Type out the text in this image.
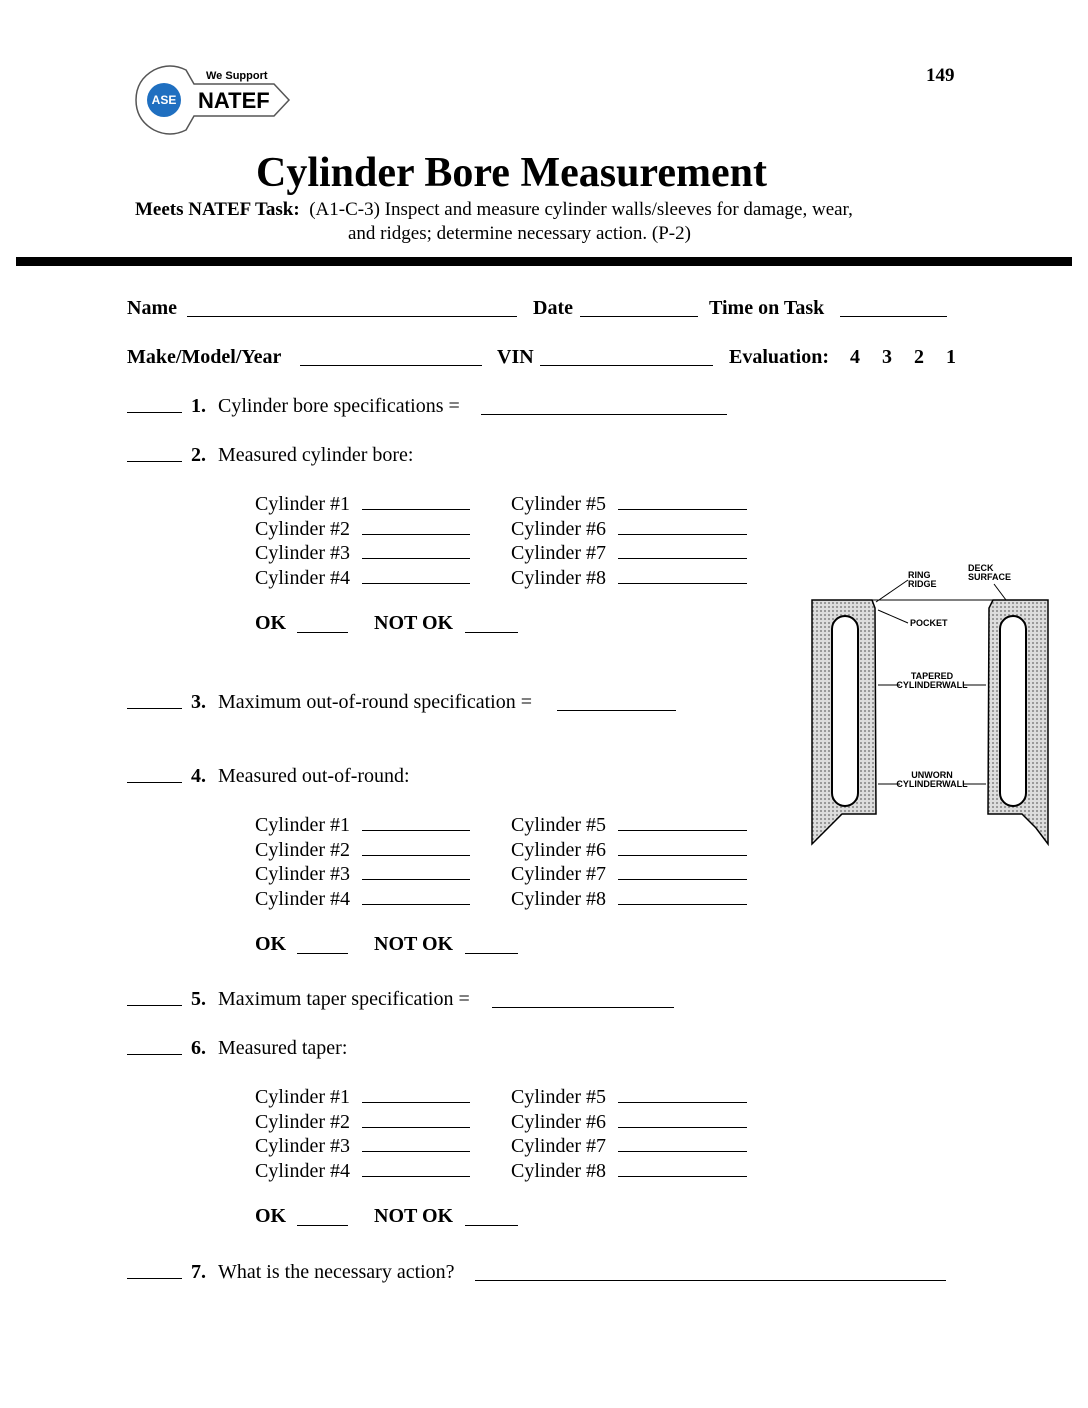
149
ASE
We Support
NATEF
Cylinder Bore Measurement
Meets NATEF Task: (A1-C-3) Inspect and measure cylinder walls/sleeves for damage, wear,
and ridges; determine necessary action. (P-2)
Name	Date	Time on Task
Make/Model/Year	VIN	Evaluation: 4 3 2 1
1. Cylinder bore specifications =
2. Measured cylinder bore:
3. Maximum out-of-round specification =
4. Measured out-of-round:
5. Maximum taper specification =
6. Measured taper:
7. What is the necessary action?
Cylinder #1	Cylinder #5
Cylinder #2	Cylinder #6
Cylinder #3	Cylinder #7
Cylinder #4	Cylinder #8
OK	NOT OK
Cylinder #1	Cylinder #5
Cylinder #2	Cylinder #6
Cylinder #3	Cylinder #7
Cylinder #4	Cylinder #8
OK	NOT OK
Cylinder #1	Cylinder #5
Cylinder #2	Cylinder #6
Cylinder #3	Cylinder #7
Cylinder #4	Cylinder #8
OK	NOT OK
RING
RIDGE
DECK
SURFACE
POCKET
TAPERED
CYLINDERWALL
UNWORN
CYLINDERWALL
